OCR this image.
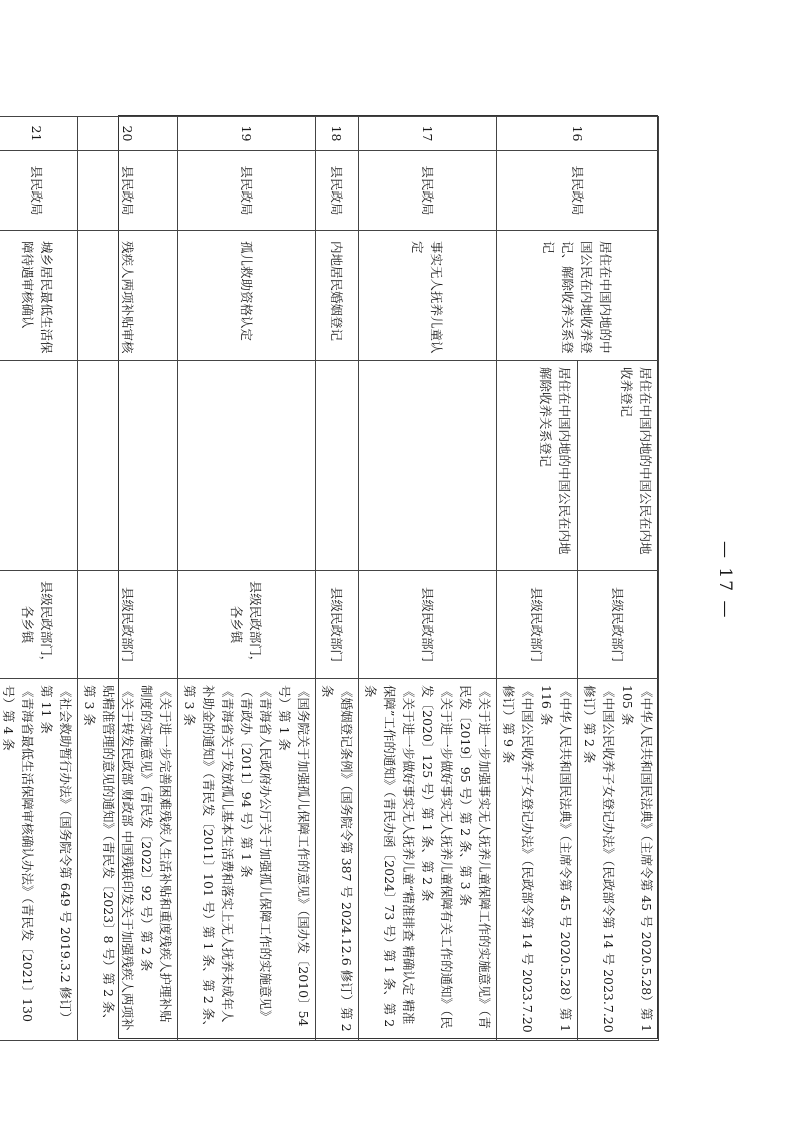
16	县民政局	居住在中国内地的中国公民在内地收养登记、解除收养关系登记	居住在中国内地的中国公民在内地收养登记	县级民政部门	《中华人民共和国民法典》（主席令第 45 号 2020.5.28）第 1105 条
《中国公民收养子女登记办法》（民政部令第 14 号 2023.7.20 修订）第 2 条

			居住在中国内地的中国公民在内地解除收养关系登记	县级民政部门	《中华人民共和国民法典》（主席令第 45 号 2020.5.28）第 1116 条
《中国公民收养子女登记办法》（民政部令第 14 号 2023.7.20 修订）第 9 条

17	县民政局	事实无人抚养儿童认定		县级民政部门	《关于进一步加强事实无人抚养儿童保障工作的实施意见》（青民发〔2019〕95 号）第 2 条、第 3 条
《关于进一步做好事实无人抚养儿童保障有关工作的通知》（民发〔2020〕125 号）第 1 条、第 2 条
《关于进一步做好事实无人抚养儿童“精准排查 精确认定 精准保障”工作的通知》（青民办函〔2024〕73 号）第 1 条、第 2 条

18	县民政局	内地居民婚姻登记		县级民政部门	《婚姻登记条例》（国务院令第 387 号 2024.12.6 修订）第 2 条

19	县民政局	孤儿救助资格认定		县级民政部门，各乡镇	《国务院关于加强孤儿保障工作的意见》（国办发〔2010〕54 号）第 1 条
《青海省人民政府办公厅关于加强孤儿保障工作的实施意见》（青政办〔2011〕94 号）第 1 条
《青海省关于发放孤儿基本生活费和落实上无人抚养未成年人补助金的通知》（青民发〔2011〕101 号）第 1 条、第 2 条、第 3 条

20	县民政局	残疾人两项补贴审核		县级民政部门	《关于进一步完善困难残疾人生活补贴和重度残疾人护理补贴制度的实施意见》（青民发〔2022〕92 号）第 2 条
《关于转发民政部 财政部 中国残联印发关于加强残疾人两项补贴精准管理的意见的通知》（青民发〔2023〕8 号）第 2 条、第 3 条

21	县民政局	城乡居民最低生活保障待遇审核确认		县级民政部门，各乡镇	《社会救助暂行办法》（国务院令第 649 号 2019.3.2 修订）第 11 条
《青海省最低生活保障审核确认办法》（青民发〔2021〕130 号）第 4 条
— 17 —
